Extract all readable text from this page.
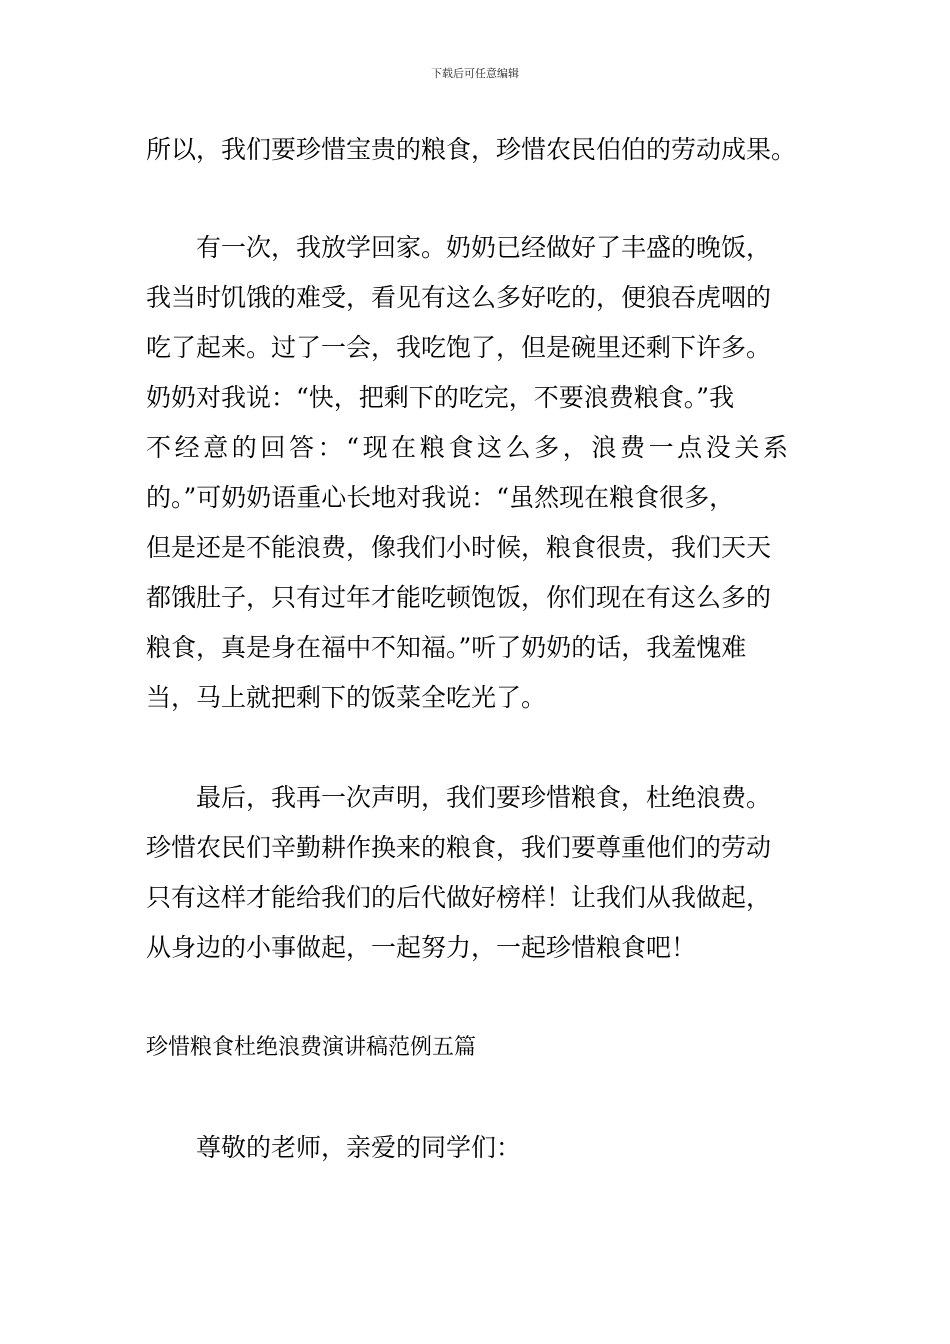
下载后可任意编辑
所以，我们要珍惜宝贵的粮食，珍惜农民伯伯的劳动成果。
有一次，我放学回家。奶奶已经做好了丰盛的晚饭，
我当时饥饿的难受，看见有这么多好吃的，便狼吞虎咽的
吃了起来。过了一会，我吃饱了，但是碗里还剩下许多。
奶奶对我说：“快，把剩下的吃完，不要浪费粮食。”我
不经意的回答：“现在粮食这么多，浪费一点没关系
的。”可奶奶语重心长地对我说：“虽然现在粮食很多，
但是还是不能浪费，像我们小时候，粮食很贵，我们天天
都饿肚子，只有过年才能吃顿饱饭，你们现在有这么多的
粮食，真是身在福中不知福。”听了奶奶的话，我羞愧难
当，马上就把剩下的饭菜全吃光了。
最后，我再一次声明，我们要珍惜粮食，杜绝浪费。
珍惜农民们辛勤耕作换来的粮食，我们要尊重他们的劳动
只有这样才能给我们的后代做好榜样！让我们从我做起，
从身边的小事做起，一起努力，一起珍惜粮食吧！
珍惜粮食杜绝浪费演讲稿范例五篇
尊敬的老师，亲爱的同学们：
